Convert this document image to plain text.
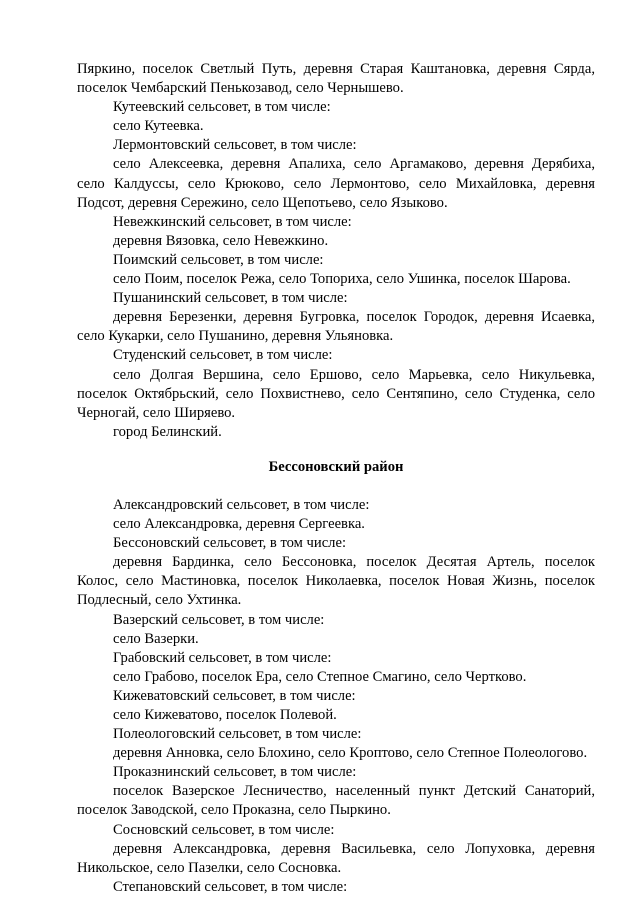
Пяркино, поселок Светлый Путь, деревня Старая Каштановка, деревня Сярда, поселок Чембарский Пенькозавод, село Чернышево.

Кутеевский сельсовет, в том числе:

село Кутеевка.

Лермонтовский сельсовет, в том числе:

село Алексеевка, деревня Апалиха, село Аргамаково, деревня Дерябиха, село Калдуссы, село Крюково, село Лермонтово, село Михайловка, деревня Подсот, деревня Сережино, село Щепотьево, село Языково.

Невежкинский сельсовет, в том числе:

деревня Вязовка, село Невежкино.

Поимский сельсовет, в том числе:

село Поим, поселок Режа, село Топориха, село Ушинка, поселок Шарова.

Пушанинский сельсовет, в том числе:

деревня Березенки, деревня Бугровка, поселок Городок, деревня Исаевка, село Кукарки, село Пушанино, деревня Ульяновка.

Студенский сельсовет, в том числе:

село Долгая Вершина, село Ершово, село Марьевка, село Никульевка, поселок Октябрьский, село Похвистнево, село Сентяпино, село Студенка, село Черногай, село Ширяево.

город Белинский.

Бессоновский район

Александровский сельсовет, в том числе:

село Александровка, деревня Сергеевка.

Бессоновский сельсовет, в том числе:

деревня Бардинка, село Бессоновка, поселок Десятая Артель, поселок Колос, село Мастиновка, поселок Николаевка, поселок Новая Жизнь, поселок Подлесный, село Ухтинка.

Вазерский сельсовет, в том числе:

село Вазерки.

Грабовский сельсовет, в том числе:

село Грабово, поселок Ера, село Степное Смагино, село Чертково.

Кижеватовский сельсовет, в том числе:

село Кижеватово, поселок Полевой.

Полеологовский сельсовет, в том числе:

деревня Анновка, село Блохино, село Кроптово, село Степное Полеологово.

Проказнинский сельсовет, в том числе:

поселок Вазерское Лесничество, населенный пункт Детский Санаторий, поселок Заводской, село Проказна, село Пыркино.

Сосновский сельсовет, в том числе:

деревня Александровка, деревня Васильевка, село Лопуховка, деревня Никольское, село Пазелки, село Сосновка.

Степановский сельсовет, в том числе:
